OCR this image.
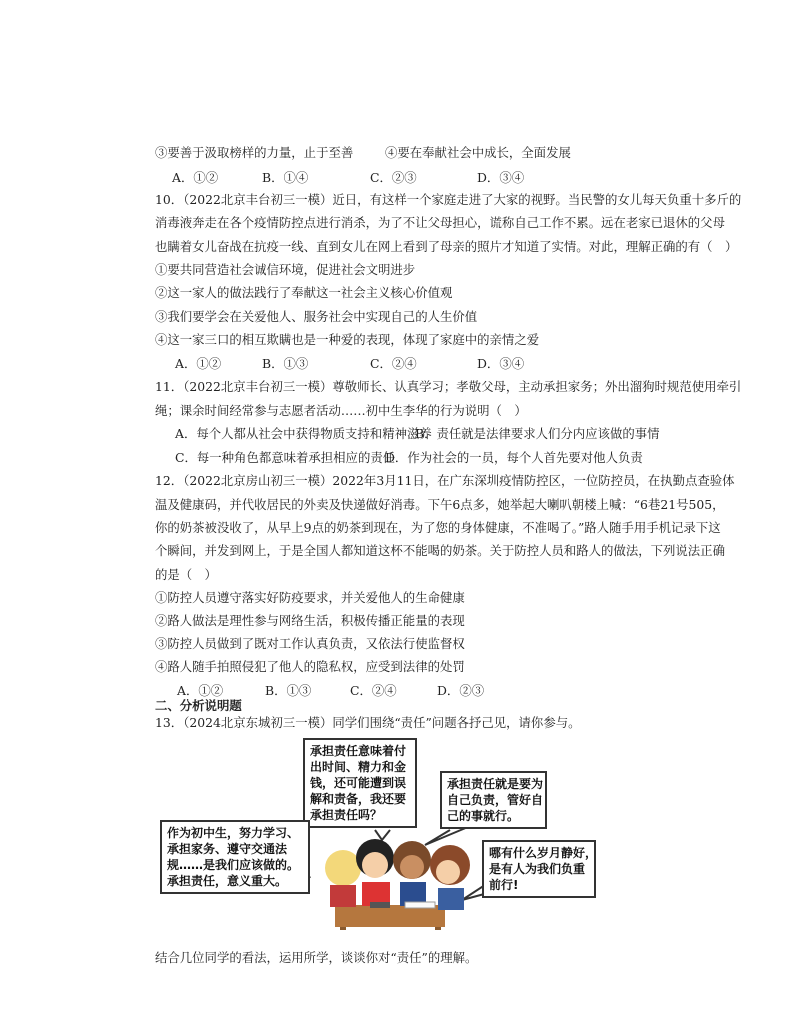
③要善于汲取榜样的力量，止于至善	④要在奉献社会中成长，全面发展
A．①②	B．①④	C．②③	D．③④
10．（2022北京丰台初三一模）近日，有这样一个家庭走进了大家的视野。当民警的女儿每天负重十多斤的
消毒液奔走在各个疫情防控点进行消杀，为了不让父母担心，谎称自己工作不累。远在老家已退休的父母
也瞒着女儿奋战在抗疫一线、直到女儿在网上看到了母亲的照片才知道了实情。对此，理解正确的有（　）
①要共同营造社会诚信环境，促进社会文明进步
②这一家人的做法践行了奉献这一社会主义核心价值观
③我们要学会在关爱他人、服务社会中实现自己的人生价值
④这一家三口的相互欺瞒也是一种爱的表现，体现了家庭中的亲情之爱
A．①②	B．①③	C．②④	D．③④
11．（2022北京丰台初三一模）尊敬师长、认真学习；孝敬父母，主动承担家务；外出溜狗时规范使用牵引
绳；课余时间经常参与志愿者活动……初中生李华的行为说明（　）
A．每个人都从社会中获得物质支持和精神滋养
B．责任就是法律要求人们分内应该做的事情
C．每一种角色都意味着承担相应的责任
D．作为社会的一员，每个人首先要对他人负责
12．（2022北京房山初三一模）2022年3月11日，在广东深圳疫情防控区，一位防控员，在执勤点查验体
温及健康码，并代收居民的外卖及快递做好消毒。下午6点多，她举起大喇叭朝楼上喊：“6巷21号505，
你的奶茶被没收了，从早上9点的奶茶到现在，为了您的身体健康，不准喝了。”路人随手用手机记录下这
个瞬间，并发到网上，于是全国人都知道这杯不能喝的奶茶。关于防控人员和路人的做法，下列说法正确
的是（　）
①防控人员遵守落实好防疫要求，并关爱他人的生命健康
②路人做法是理性参与网络生活，积极传播正能量的表现
③防控人员做到了既对工作认真负责，又依法行使监督权
④路人随手拍照侵犯了他人的隐私权，应受到法律的处罚
A．①②	B．①③	C．②④	D．②③
二、分析说明题
13．（2024北京东城初三一模）同学们围绕“责任”问题各抒己见，请你参与。
承担责任意味着付
出时间、精力和金
钱，还可能遭到误
解和责备，我还要
承担责任吗？
承担责任就是要为
自己负责，管好自
己的事就行。
作为初中生，努力学习、
承担家务、遵守交通法
规……是我们应该做的。
承担责任，意义重大。
哪有什么岁月静好，
是有人为我们负重
前行!
结合几位同学的看法，运用所学，谈谈你对“责任”的理解。
